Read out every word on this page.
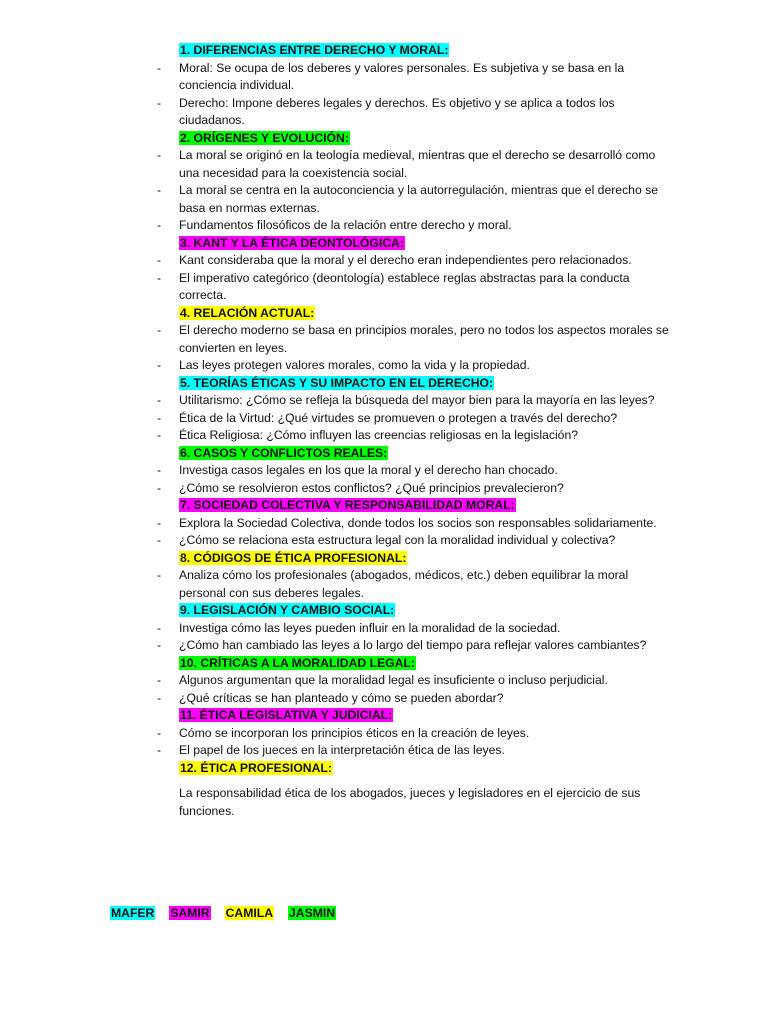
1. DIFERENCIAS ENTRE DERECHO Y MORAL:
- Moral: Se ocupa de los deberes y valores personales. Es subjetiva y se basa en la conciencia individual.
- Derecho: Impone deberes legales y derechos. Es objetivo y se aplica a todos los ciudadanos.
2. ORÍGENES Y EVOLUCIÓN:
- La moral se originó en la teología medieval, mientras que el derecho se desarrolló como una necesidad para la coexistencia social.
- La moral se centra en la autoconciencia y la autorregulación, mientras que el derecho se basa en normas externas.
- Fundamentos filosóficos de la relación entre derecho y moral.
3. KANT Y LA ÉTICA DEONTOLÓGICA:
- Kant consideraba que la moral y el derecho eran independientes pero relacionados.
- El imperativo categórico (deontología) establece reglas abstractas para la conducta correcta.
4. RELACIÓN ACTUAL:
- El derecho moderno se basa en principios morales, pero no todos los aspectos morales se convierten en leyes.
- Las leyes protegen valores morales, como la vida y la propiedad.
5. TEORÍAS ÉTICAS Y SU IMPACTO EN EL DERECHO:
- Utilitarismo: ¿Cómo se refleja la búsqueda del mayor bien para la mayoría en las leyes?
- Ética de la Virtud: ¿Qué virtudes se promueven o protegen a través del derecho?
- Ética Religiosa: ¿Cómo influyen las creencias religiosas en la legislación?
6. CASOS Y CONFLICTOS REALES:
- Investiga casos legales en los que la moral y el derecho han chocado.
- ¿Cómo se resolvieron estos conflictos? ¿Qué principios prevalecieron?
7. SOCIEDAD COLECTIVA Y RESPONSABILIDAD MORAL:
- Explora la Sociedad Colectiva, donde todos los socios son responsables solidariamente.
- ¿Cómo se relaciona esta estructura legal con la moralidad individual y colectiva?
8. CÓDIGOS DE ÉTICA PROFESIONAL:
- Analiza cómo los profesionales (abogados, médicos, etc.) deben equilibrar la moral personal con sus deberes legales.
9. LEGISLACIÓN Y CAMBIO SOCIAL:
- Investiga cómo las leyes pueden influir en la moralidad de la sociedad.
- ¿Cómo han cambiado las leyes a lo largo del tiempo para reflejar valores cambiantes?
10. CRÍTICAS A LA MORALIDAD LEGAL:
- Algunos argumentan que la moralidad legal es insuficiente o incluso perjudicial.
- ¿Qué críticas se han planteado y cómo se pueden abordar?
11. ÉTICA LEGISLATIVA Y JUDICIAL:
- Cómo se incorporan los principios éticos en la creación de leyes.
- El papel de los jueces en la interpretación ética de las leyes.
12. ÉTICA PROFESIONAL:
La responsabilidad ética de los abogados, jueces y legisladores en el ejercicio de sus funciones.
MAFER SAMIR CAMILA JASMIN
